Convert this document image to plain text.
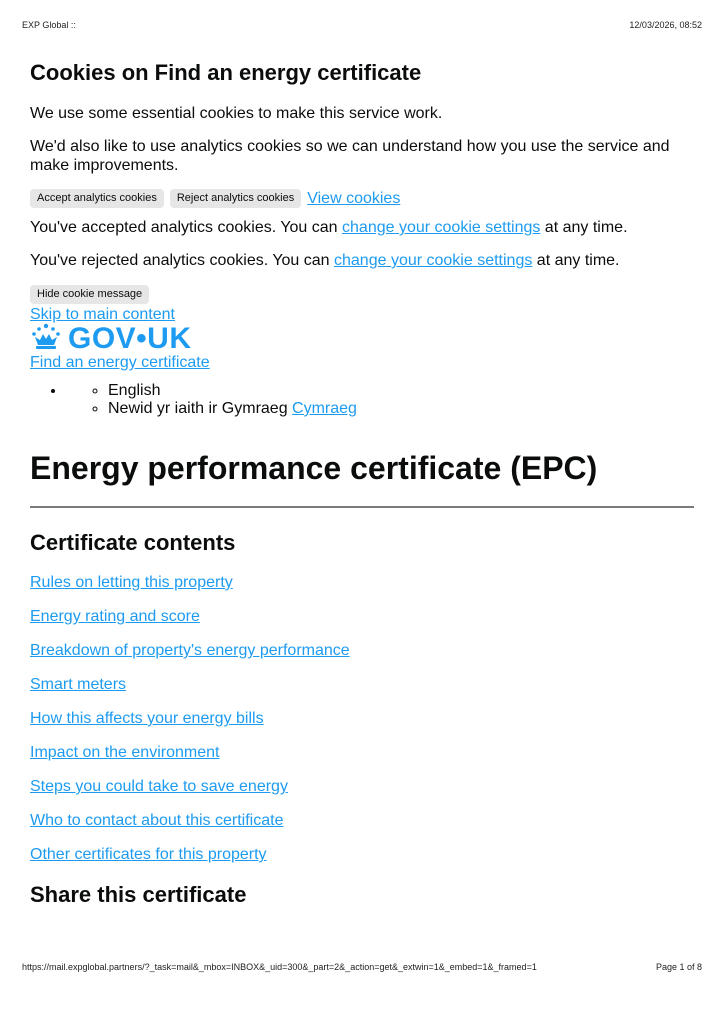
EXP Global ::	12/03/2026, 08:52
Cookies on Find an energy certificate

We use some essential cookies to make this service work.

We'd also like to use analytics cookies so we can understand how you use the service and make improvements.

Accept analytics cookies	Reject analytics cookies View cookies

You've accepted analytics cookies. You can change your cookie settings at any time.

You've rejected analytics cookies. You can change your cookie settings at any time.

Hide cookie message
Skip to main content
GOV•UK
Find an energy certificate
◦ • English
◦ Newid yr iaith ir Gymraeg Cymraeg
Energy performance certificate (EPC)
Certificate contents
Rules on letting this property
Energy rating and score
Breakdown of property's energy performance
Smart meters
How this affects your energy bills
Impact on the environment
Steps you could take to save energy
Who to contact about this certificate
Other certificates for this property
Share this certificate
https://mail.expglobal.partners/?_task=mail&_mbox=INBOX&_uid=300&_part=2&_action=get&_extwin=1&_embed=1&_framed=1	Page 1 of 8
